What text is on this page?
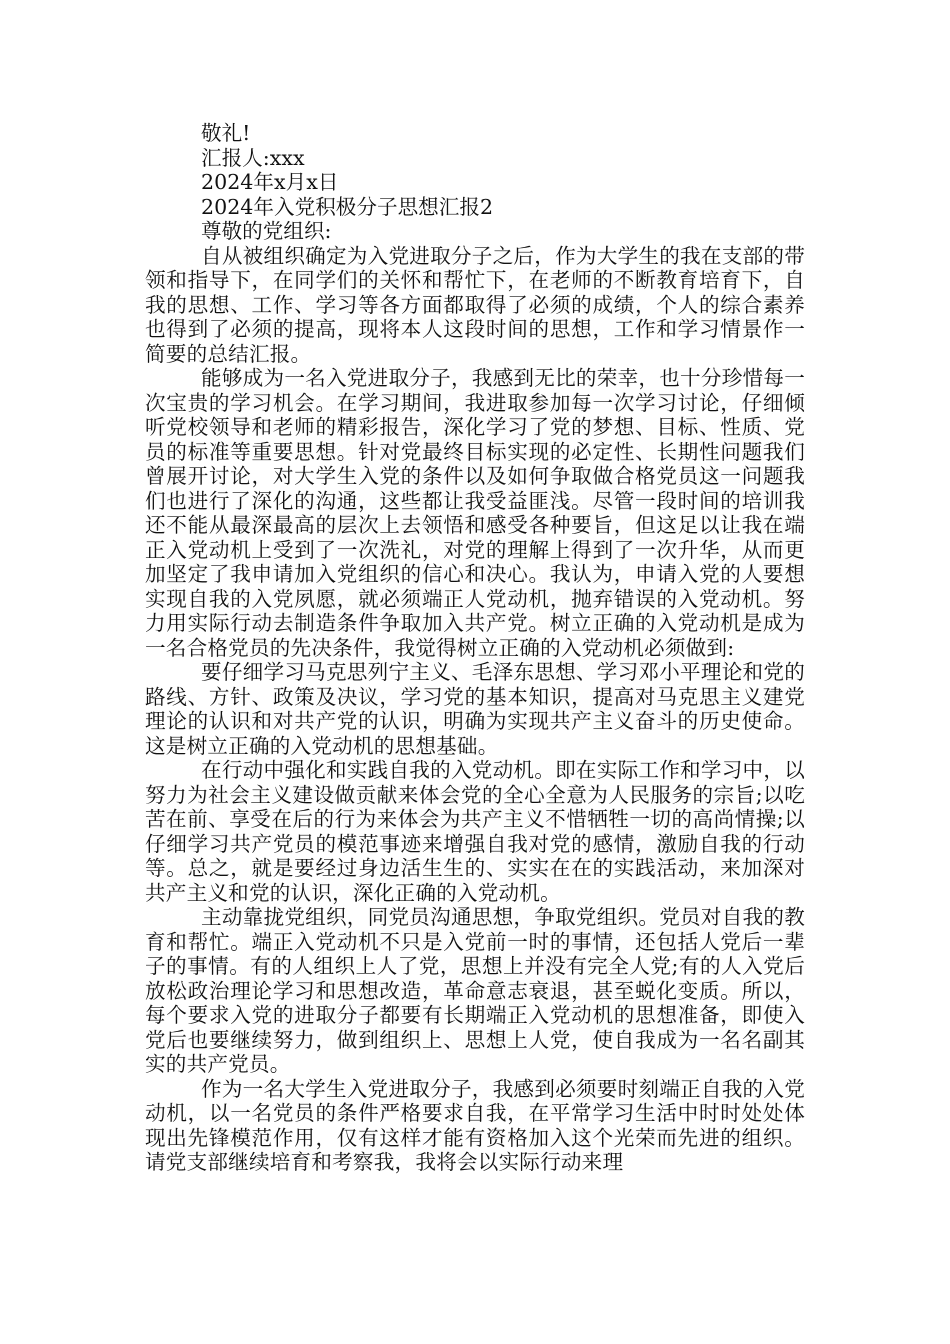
敬礼!

汇报人:xxx

2024年x月x日

2024年入党积极分子思想汇报2

尊敬的党组织:

自从被组织确定为入党进取分子之后，作为大学生的我在支部的带领和指导下，在同学们的关怀和帮忙下，在老师的不断教育培育下，自我的思想、工作、学习等各方面都取得了必须的成绩，个人的综合素养也得到了必须的提高，现将本人这段时间的思想，工作和学习情景作一简要的总结汇报。

能够成为一名入党进取分子，我感到无比的荣幸，也十分珍惜每一次宝贵的学习机会。在学习期间，我进取参加每一次学习讨论，仔细倾听党校领导和老师的精彩报告，深化学习了党的梦想、目标、性质、党员的标准等重要思想。针对党最终目标实现的必定性、长期性问题我们曾展开讨论，对大学生入党的条件以及如何争取做合格党员这一问题我们也进行了深化的沟通，这些都让我受益匪浅。尽管一段时间的培训我还不能从最深最高的层次上去领悟和感受各种要旨，但这足以让我在端正入党动机上受到了一次洗礼，对党的理解上得到了一次升华，从而更加坚定了我申请加入党组织的信心和决心。我认为，申请入党的人要想实现自我的入党夙愿，就必须端正人党动机，抛弃错误的入党动机。努力用实际行动去制造条件争取加入共产党。树立正确的入党动机是成为一名合格党员的先决条件，我觉得树立正确的入党动机必须做到:

要仔细学习马克思列宁主义、毛泽东思想、学习邓小平理论和党的路线、方针、政策及决议，学习党的基本知识，提高对马克思主义建党理论的认识和对共产党的认识，明确为实现共产主义奋斗的历史使命。这是树立正确的入党动机的思想基础。

在行动中强化和实践自我的入党动机。即在实际工作和学习中，以努力为社会主义建设做贡献来体会党的全心全意为人民服务的宗旨;以吃苦在前、享受在后的行为来体会为共产主义不惜牺牲一切的高尚情操;以仔细学习共产党员的模范事迹来增强自我对党的感情，激励自我的行动等。总之，就是要经过身边活生生的、实实在在的实践活动，来加深对共产主义和党的认识，深化正确的入党动机。

主动靠拢党组织，同党员沟通思想，争取党组织。党员对自我的教育和帮忙。端正入党动机不只是入党前一时的事情，还包括人党后一辈子的事情。有的人组织上人了党，思想上并没有完全人党;有的人入党后放松政治理论学习和思想改造，革命意志衰退，甚至蜕化变质。所以，每个要求入党的进取分子都要有长期端正入党动机的思想准备，即使入党后也要继续努力，做到组织上、思想上人党，使自我成为一名名副其实的共产党员。

作为一名大学生入党进取分子，我感到必须要时刻端正自我的入党动机，以一名党员的条件严格要求自我，在平常学习生活中时时处处体现出先锋模范作用，仅有这样才能有资格加入这个光荣而先进的组织。请党支部继续培育和考察我，我将会以实际行动来理
